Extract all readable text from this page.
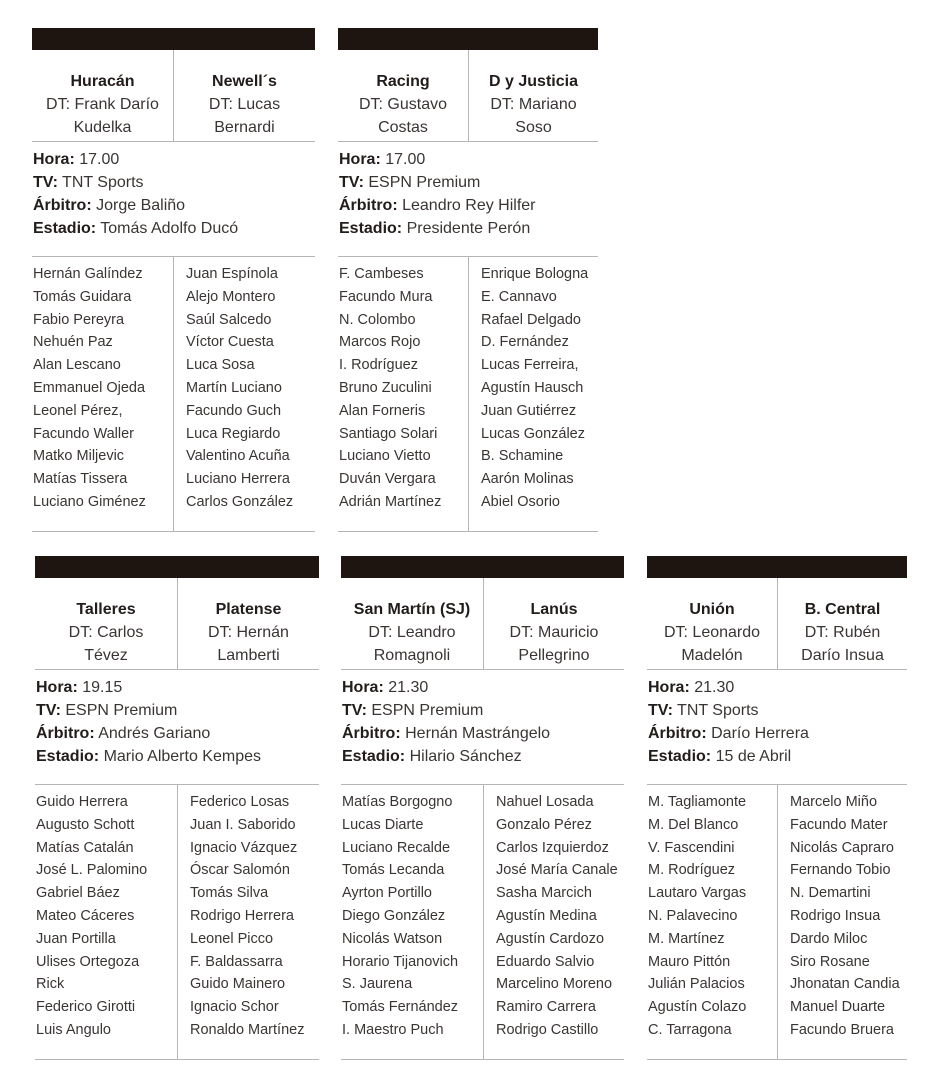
Huracán
DT: Frank Darío
Kudelka
Newell´s
DT: Lucas
Bernardi
Hora: 17.00
TV: TNT Sports
Árbitro: Jorge Baliño
Estadio: Tomás Adolfo Ducó
Hernán Galíndez
Tomás Guidara
Fabio Pereyra
Nehuén Paz
Alan Lescano
Emmanuel Ojeda
Leonel Pérez,
Facundo Waller
Matko Miljevic
Matías Tissera
Luciano Giménez
Juan Espínola
Alejo Montero
Saúl Salcedo
Víctor Cuesta
Luca Sosa
Martín Luciano
Facundo Guch
Luca Regiardo
Valentino Acuña
Luciano Herrera
Carlos González
Racing
DT: Gustavo
Costas
D y Justicia
DT: Mariano
Soso
Hora: 17.00
TV: ESPN Premium
Árbitro: Leandro Rey Hilfer
Estadio: Presidente Perón
F. Cambeses
Facundo Mura
N. Colombo
Marcos Rojo
I. Rodríguez
Bruno Zuculini
Alan Forneris
Santiago Solari
Luciano Vietto
Duván Vergara
Adrián Martínez
Enrique Bologna
E. Cannavo
Rafael Delgado
D. Fernández
Lucas Ferreira,
Agustín Hausch
Juan Gutiérrez
Lucas González
B. Schamine
Aarón Molinas
Abiel Osorio
Talleres
DT: Carlos
Tévez
Platense
DT: Hernán
Lamberti
Hora: 19.15
TV: ESPN Premium
Árbitro: Andrés Gariano
Estadio: Mario Alberto Kempes
Guido Herrera
Augusto Schott
Matías Catalán
José L. Palomino
Gabriel Báez
Mateo Cáceres
Juan Portilla
Ulises Ortegoza
Rick
Federico Girotti
Luis Angulo
Federico Losas
Juan I. Saborido
Ignacio Vázquez
Óscar Salomón
Tomás Silva
Rodrigo Herrera
Leonel Picco
F. Baldassarra
Guido Mainero
Ignacio Schor
Ronaldo Martínez
San Martín (SJ)
DT: Leandro
Romagnoli
Lanús
DT: Mauricio
Pellegrino
Hora: 21.30
TV: ESPN Premium
Árbitro: Hernán Mastrángelo
Estadio: Hilario Sánchez
Matías Borgogno
Lucas Diarte
Luciano Recalde
Tomás Lecanda
Ayrton Portillo
Diego González
Nicolás Watson
Horario Tijanovich
S. Jaurena
Tomás Fernández
I. Maestro Puch
Nahuel Losada
Gonzalo Pérez
Carlos Izquierdoz
José María Canale
Sasha Marcich
Agustín Medina
Agustín Cardozo
Eduardo Salvio
Marcelino Moreno
Ramiro Carrera
Rodrigo Castillo
Unión
DT: Leonardo
Madelón
B. Central
DT: Rubén
Darío Insua
Hora: 21.30
TV: TNT Sports
Árbitro: Darío Herrera
Estadio: 15 de Abril
M. Tagliamonte
M. Del Blanco
V. Fascendini
M. Rodríguez
Lautaro Vargas
N. Palavecino
M. Martínez
Mauro Pittón
Julián Palacios
Agustín Colazo
C. Tarragona
Marcelo Miño
Facundo Mater
Nicolás Capraro
Fernando Tobio
N. Demartini
Rodrigo Insua
Dardo Miloc
Siro Rosane
Jhonatan Candia
Manuel Duarte
Facundo Bruera
